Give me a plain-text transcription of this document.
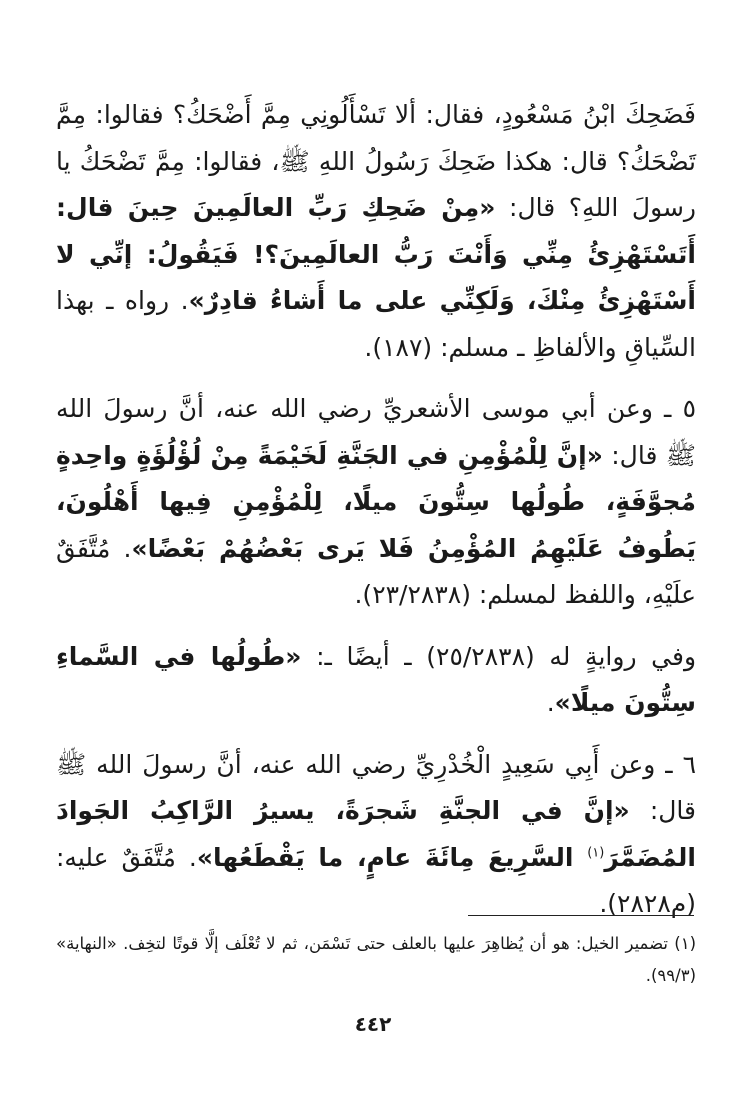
فَضَحِكَ ابْنُ مَسْعُودٍ، فقال: ألا تَسْأَلُونِي مِمَّ أَضْحَكُ؟ فقالوا: مِمَّ تَضْحَكُ؟ قال: هكذا ضَحِكَ رَسُولُ اللهِ ﷺ، فقالوا: مِمَّ تَضْحَكُ يا رسولَ اللهِ؟ قال: «مِنْ ضَحِكِ رَبِّ العالَمِينَ حِينَ قال: أَتَسْتَهْزِئُ مِنِّي وَأَنْتَ رَبُّ العالَمِينَ؟! فَيَقُولُ: إنِّي لا أَسْتَهْزِئُ مِنْكَ، وَلَكِنِّي على ما أَشاءُ قادِرٌ». رواه ـ بهذا السِّياقِ والألفاظِ ـ مسلم: (١٨٧).

٥ ـ وعن أبي موسى الأشعريِّ رضي الله عنه، أنَّ رسولَ الله ﷺ قال: «إنَّ لِلْمُؤْمِنِ في الجَنَّةِ لَخَيْمَةً مِنْ لُؤْلُؤَةٍ واحِدةٍ مُجوَّفَةٍ، طُولُها سِتُّونَ ميلًا، لِلْمُؤْمِنِ فِيها أَهْلُونَ، يَطُوفُ عَلَيْهِمُ المُؤْمِنُ فَلا يَرى بَعْضُهُمْ بَعْضًا». مُتَّفَقٌ علَيْهِ، واللفظ لمسلم: (٢٣/٢٨٣٨).

وفي روايةٍ له (٢٥/٢٨٣٨) ـ أيضًا ـ: «طُولُها في السَّماءِ سِتُّونَ ميلًا».

٦ ـ وعن أَبِي سَعِيدٍ الْخُدْرِيِّ رضي الله عنه، أنَّ رسولَ الله ﷺ قال: «إنَّ في الجنَّةِ شَجرَةً، يسيرُ الرَّاكِبُ الجَوادَ المُضَمَّرَ$^{(١)}$ السَّرِيعَ مِائَةَ عامٍ، ما يَقْطَعُها». مُتَّفَقٌ عليه: (م٢٨٢٨).

(١) تضمير الخيل: هو أن يُظاهِرَ عليها بالعلف حتى تَسْمَن، ثم لا تُعْلَف إلَّا قوتًا لتخِف. «النهاية» (٩٩/٣).

٤٤٢
